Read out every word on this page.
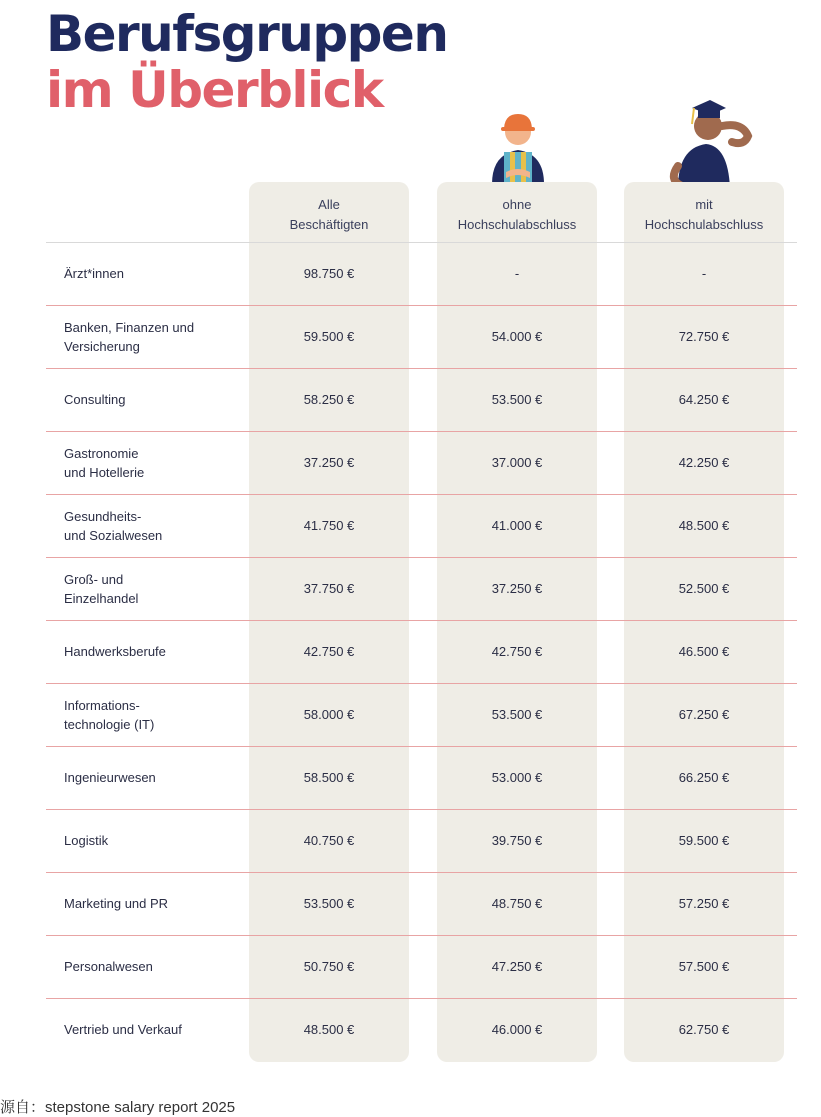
Berufsgruppen
im Überblick
Alle
Beschäftigten
ohne
Hochschulabschluss
mit
Hochschulabschluss
Ärzt*innen	98.750 €	-	-
Banken, Finanzen und
Versicherung
59.500 €	54.000 €	72.750 €
Consulting	58.250 €	53.500 €	64.250 €
Gastronomie
und Hotellerie
37.250 €	37.000 €	42.250 €
Gesundheits-
und Sozialwesen
41.750 €	41.000 €	48.500 €
Groß- und
Einzelhandel
37.750 €	37.250 €	52.500 €
Handwerksberufe	42.750 €	42.750 €	46.500 €
Informations-
technologie (IT)
58.000 €	53.500 €	67.250 €
Ingenieurwesen	58.500 €	53.000 €	66.250 €
Logistik	40.750 €	39.750 €	59.500 €
Marketing und PR	53.500 €	48.750 €	57.250 €
Personalwesen	50.750 €	47.250 €	57.500 €
Vertrieb und Verkauf	48.500 €	46.000 €	62.750 €
源自：stepstone salary report 2025
